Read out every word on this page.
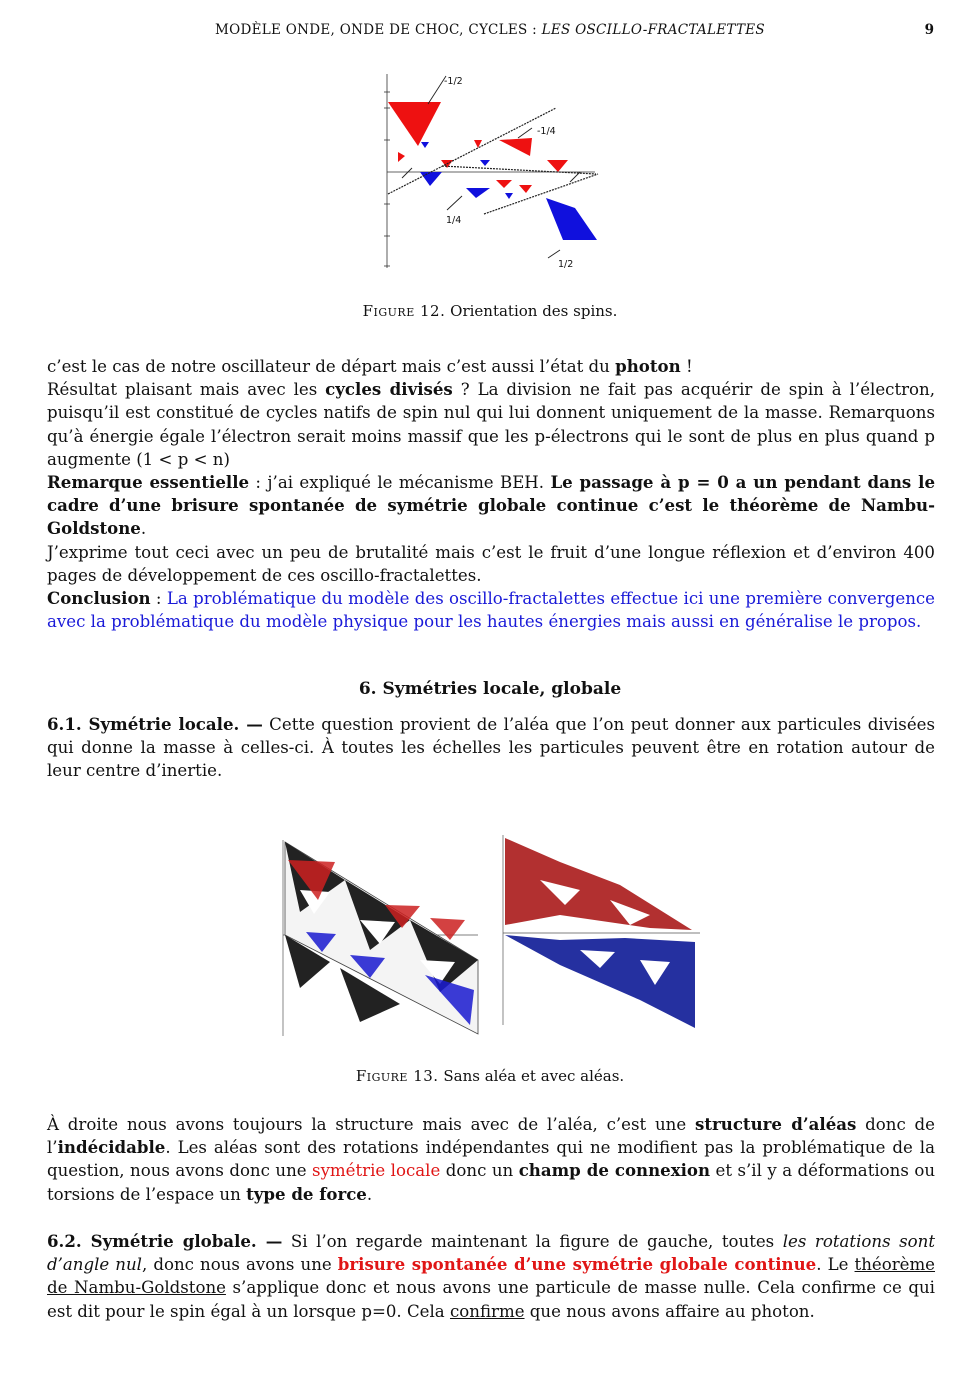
MODÈLE ONDE, ONDE DE CHOC, CYCLES : LES OSCILLO-FRACTALETTES	9
-1/2
-1/4
1/4
1/2
Figure 12. Orientation des spins.

c’est le cas de notre oscillateur de départ mais c’est aussi l’état du photon !

Résultat plaisant mais avec les cycles divisés ? La division ne fait pas acquérir de spin à l’électron, puisqu’il est constitué de cycles natifs de spin nul qui lui donnent uniquement de la masse. Remarquons qu’à énergie égale l’électron serait moins massif que les p-électrons qui le sont de plus en plus quand p augmente (1 < p < n)

Remarque essentielle : j’ai expliqué le mécanisme BEH. Le passage à p = 0 a un pendant dans le cadre d’une brisure spontanée de symétrie globale continue c’est le théorème de Nambu-Goldstone.

J’exprime tout ceci avec un peu de brutalité mais c’est le fruit d’une longue réflexion et d’environ 400 pages de développement de ces oscillo-fractalettes.

Conclusion : La problématique du modèle des oscillo-fractalettes effectue ici une première convergence avec la problématique du modèle physique pour les hautes énergies mais aussi en généralise le propos.

6. Symétries locale, globale

6.1. Symétrie locale. — Cette question provient de l’aléa que l’on peut donner aux particules divisées qui donne la masse à celles-ci. À toutes les échelles les particules peuvent être en rotation autour de leur centre d’inertie.

Figure 13. Sans aléa et avec aléas.

À droite nous avons toujours la structure mais avec de l’aléa, c’est une structure d’aléas donc de l’indécidable. Les aléas sont des rotations indépendantes qui ne modifient pas la problématique de la question, nous avons donc une symétrie locale donc un champ de connexion et s’il y a déformations ou torsions de l’espace un type de force.

6.2. Symétrie globale. — Si l’on regarde maintenant la figure de gauche, toutes les rotations sont d’angle nul, donc nous avons une brisure spontanée d’une symétrie globale continue. Le théorème de Nambu-Goldstone s’applique donc et nous avons une particule de masse nulle. Cela confirme ce qui est dit pour le spin égal à un lorsque p=0. Cela confirme que nous avons affaire au photon.
